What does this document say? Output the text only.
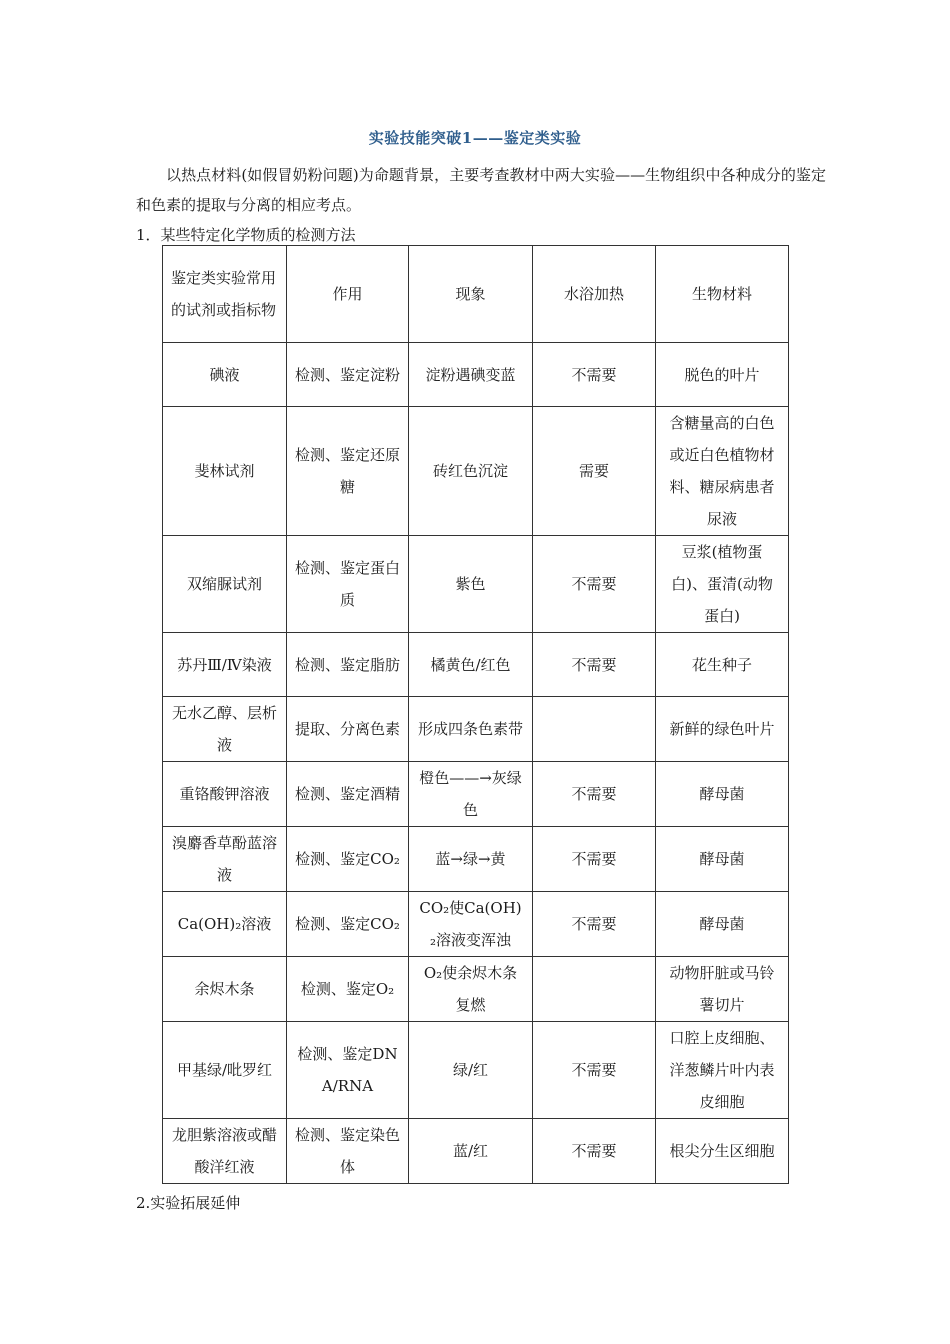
实验技能突破1——鉴定类实验
以热点材料(如假冒奶粉问题)为命题背景，主要考查教材中两大实验——生物组织中各种成分的鉴定和色素的提取与分离的相应考点。
1．某些特定化学物质的检测方法
鉴定类实验常用的试剂或指标物	作用	现象	水浴加热	生物材料
碘液	检测、鉴定淀粉	淀粉遇碘变蓝	不需要	脱色的叶片
斐林试剂	检测、鉴定还原糖	砖红色沉淀	需要	含糖量高的白色或近白色植物材料、糖尿病患者尿液
双缩脲试剂	检测、鉴定蛋白质	紫色	不需要	豆浆(植物蛋白)、蛋清(动物蛋白)
苏丹Ⅲ/Ⅳ染液	检测、鉴定脂肪	橘黄色/红色	不需要	花生种子
无水乙醇、层析液	提取、分离色素	形成四条色素带		新鲜的绿色叶片
重铬酸钾溶液	检测、鉴定酒精	橙色——→灰绿色	不需要	酵母菌
溴麝香草酚蓝溶液	检测、鉴定CO₂	蓝→绿→黄	不需要	酵母菌
Ca(OH)₂溶液	检测、鉴定CO₂	CO₂使Ca(OH)₂溶液变浑浊	不需要	酵母菌
余烬木条	检测、鉴定O₂	O₂使余烬木条复燃		动物肝脏或马铃薯切片
甲基绿/吡罗红	检测、鉴定DNA/RNA	绿/红	不需要	口腔上皮细胞、洋葱鳞片叶内表皮细胞
龙胆紫溶液或醋酸洋红液	检测、鉴定染色体	蓝/红	不需要	根尖分生区细胞
2.实验拓展延伸
